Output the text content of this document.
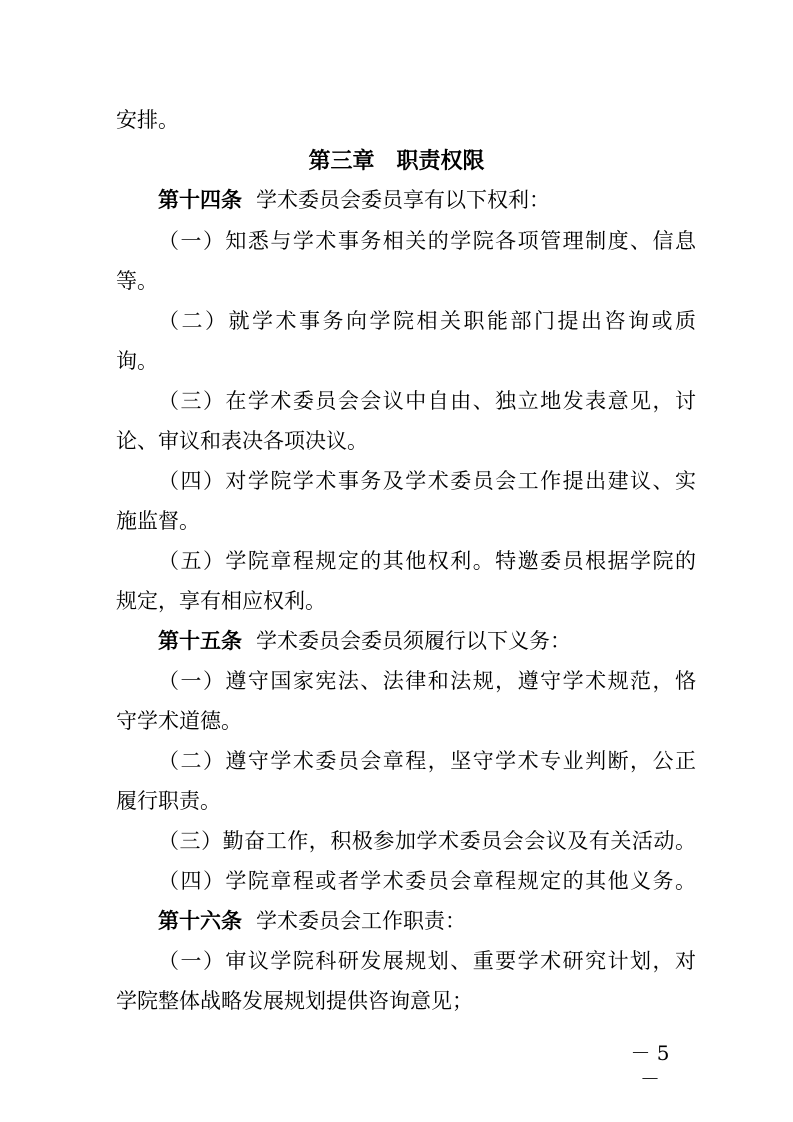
安排。
第三章　职责权限
第十四条 学术委员会委员享有以下权利：
（一）知悉与学术事务相关的学院各项管理制度、信息
等。
（二）就学术事务向学院相关职能部门提出咨询或质
询。
（三）在学术委员会会议中自由、独立地发表意见，讨
论、审议和表决各项决议。
（四）对学院学术事务及学术委员会工作提出建议、实
施监督。
（五）学院章程规定的其他权利。特邀委员根据学院的
规定，享有相应权利。
第十五条 学术委员会委员须履行以下义务：
（一）遵守国家宪法、法律和法规，遵守学术规范，恪
守学术道德。
（二）遵守学术委员会章程，坚守学术专业判断，公正
履行职责。
（三）勤奋工作，积极参加学术委员会会议及有关活动。
（四）学院章程或者学术委员会章程规定的其他义务。
第十六条 学术委员会工作职责：
（一）审议学院科研发展规划、重要学术研究计划，对
学院整体战略发展规划提供咨询意见；
－ 5 －
